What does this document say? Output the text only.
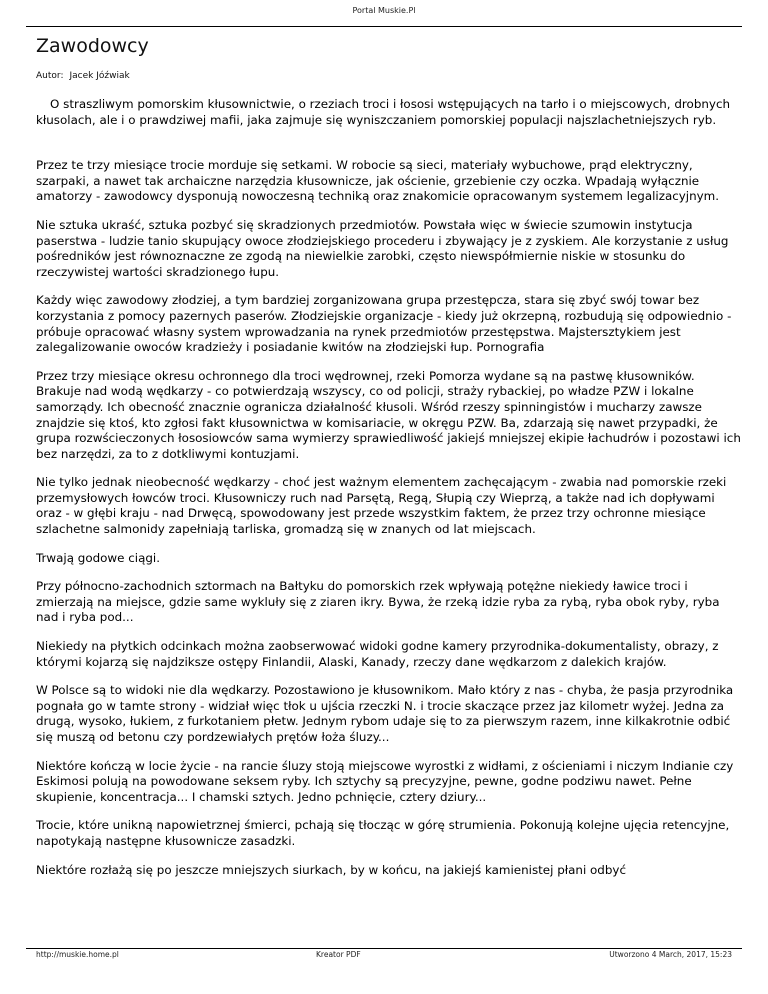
Portal Muskie.Pl
Zawodowcy
Autor: Jacek Jóźwiak

O straszliwym pomorskim kłusownictwie, o rzeziach troci i łososi wstępujących na tarło i o miejscowych, drobnych kłusolach, ale i o prawdziwej mafii, jaka zajmuje się wyniszczaniem pomorskiej populacji najszlachetniejszych ryb.

Przez te trzy miesiące trocie morduje się setkami. W robocie są sieci, materiały wybuchowe, prąd elektryczny, szarpaki, a nawet tak archaiczne narzędzia kłusownicze, jak ościenie, grzebienie czy oczka. Wpadają wyłącznie amatorzy - zawodowcy dysponują nowoczesną techniką oraz znakomicie opracowanym systemem legalizacyjnym.

Nie sztuka ukraść, sztuka pozbyć się skradzionych przedmiotów. Powstała więc w świecie szumowin instytucja paserstwa - ludzie tanio skupujący owoce złodziejskiego procederu i zbywający je z zyskiem. Ale korzystanie z usług pośredników jest równoznaczne ze zgodą na niewielkie zarobki, często niewspółmiernie niskie w stosunku do rzeczywistej wartości skradzionego łupu.

Każdy więc zawodowy złodziej, a tym bardziej zorganizowana grupa przestępcza, stara się zbyć swój towar bez korzystania z pomocy pazernych paserów. Złodziejskie organizacje - kiedy już okrzepną, rozbudują się odpowiednio - próbuje opracować własny system wprowadzania na rynek przedmiotów przestępstwa. Majstersztykiem jest zalegalizowanie owoców kradzieży i posiadanie kwitów na złodziejski łup. Pornografia

Przez trzy miesiące okresu ochronnego dla troci wędrownej, rzeki Pomorza wydane są na pastwę kłusowników. Brakuje nad wodą wędkarzy - co potwierdzają wszyscy, co od policji, straży rybackiej, po władze PZW i lokalne samorządy. Ich obecność znacznie ogranicza działalność kłusoli. Wśród rzeszy spinningistów i mucharzy zawsze znajdzie się ktoś, kto zgłosi fakt kłusownictwa w komisariacie, w okręgu PZW. Ba, zdarzają się nawet przypadki, że grupa rozwścieczonych łososiowców sama wymierzy sprawiedliwość jakiejś mniejszej ekipie łachudrów i pozostawi ich bez narzędzi, za to z dotkliwymi kontuzjami.

Nie tylko jednak nieobecność wędkarzy - choć jest ważnym elementem zachęcającym - zwabia nad pomorskie rzeki przemysłowych łowców troci. Kłusowniczy ruch nad Parsętą, Regą, Słupią czy Wieprzą, a także nad ich dopływami oraz - w głębi kraju - nad Drwęcą, spowodowany jest przede wszystkim faktem, że przez trzy ochronne miesiące szlachetne salmonidy zapełniają tarliska, gromadzą się w znanych od lat miejscach.

Trwają godowe ciągi.

Przy północno-zachodnich sztormach na Bałtyku do pomorskich rzek wpływają potężne niekiedy ławice troci i zmierzają na miejsce, gdzie same wykluły się z ziaren ikry. Bywa, że rzeką idzie ryba za rybą, ryba obok ryby, ryba nad i ryba pod...

Niekiedy na płytkich odcinkach można zaobserwować widoki godne kamery przyrodnika-dokumentalisty, obrazy, z którymi kojarzą się najdziksze ostępy Finlandii, Alaski, Kanady, rzeczy dane wędkarzom z dalekich krajów.

W Polsce są to widoki nie dla wędkarzy. Pozostawiono je kłusownikom. Mało który z nas - chyba, że pasja przyrodnika pognała go w tamte strony - widział więc tłok u ujścia rzeczki N. i trocie skaczące przez jaz kilometr wyżej. Jedna za drugą, wysoko, łukiem, z furkotaniem płetw. Jednym rybom udaje się to za pierwszym razem, inne kilkakrotnie odbić się muszą od betonu czy pordzewiałych prętów łoża śluzy...

Niektóre kończą w locie życie - na rancie śluzy stoją miejscowe wyrostki z widłami, z ościeniami i niczym Indianie czy Eskimosi polują na powodowane seksem ryby. Ich sztychy są precyzyjne, pewne, godne podziwu nawet. Pełne skupienie, koncentracja... I chamski sztych. Jedno pchnięcie, cztery dziury...

Trocie, które unikną napowietrznej śmierci, pchają się tłocząc w górę strumienia. Pokonują kolejne ujęcia retencyjne, napotykają następne kłusownicze zasadzki.

Niektóre rozłażą się po jeszcze mniejszych siurkach, by w końcu, na jakiejś kamienistej płani odbyć

http://muskie.home.pl	Kreator PDF	Utworzono 4 March, 2017, 15:23
